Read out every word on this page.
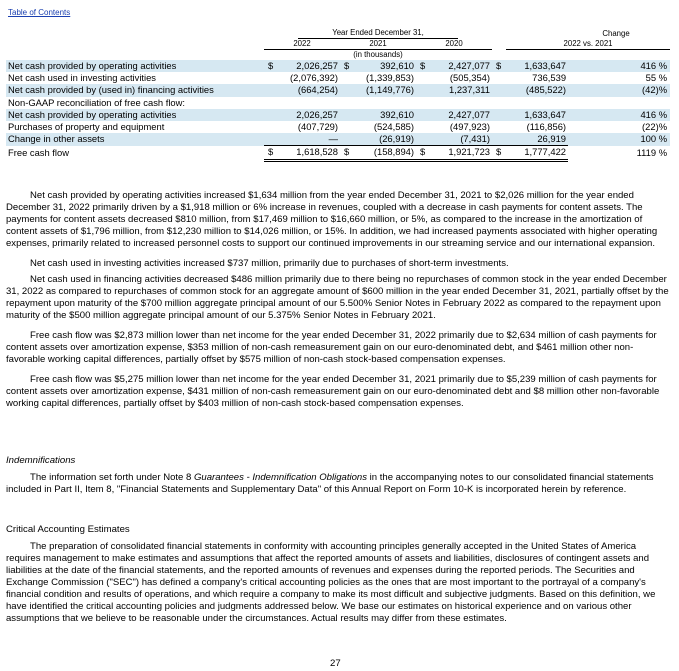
Table of Contents
	Year Ended December 31,						Change		
	2022		2021		2020			2022 vs. 2021	
	(in thousands)								
Net cash provided by operating activities	$	2,026,257	$	392,610	$	2,427,077	$	1,633,647	416 %
Net cash used in investing activities		(2,076,392)		(1,339,853)		(505,354)		736,539	55 %
Net cash provided by (used in) financing activities		(664,254)		(1,149,776)		1,237,311		(485,522)	(42)%
Non-GAAP reconciliation of free cash flow:									
Net cash provided by operating activities		2,026,257		392,610		2,427,077		1,633,647	416 %
Purchases of property and equipment		(407,729)		(524,585)		(497,923)		(116,856)	(22)%
Change in other assets		—		(26,919)		(7,431)		26,919	100 %
Free cash flow	$	1,618,528	$	(158,894)	$	1,921,723	$	1,777,422	1119 %

Net cash provided by operating activities increased $1,634 million from the year ended December 31, 2021 to $2,026 million for the year ended December 31, 2022 primarily driven by a $1,918 million or 6% increase in revenues, coupled with a decrease in cash payments for content assets. The payments for content assets decreased $810 million, from $17,469 million to $16,660 million, or 5%, as compared to the increase in the amortization of content assets of $1,796 million, from $12,230 million to $14,026 million, or 15%. In addition, we had increased payments associated with higher operating expenses, primarily related to increased personnel costs to support our continued improvements in our streaming service and our international expansion.

Net cash used in investing activities increased $737 million, primarily due to purchases of short-term investments.

Net cash used in financing activities decreased $486 million primarily due to there being no repurchases of common stock in the year ended December 31, 2022 as compared to repurchases of common stock for an aggregate amount of $600 million in the year ended December 31, 2021, partially offset by the repayment upon maturity of the $700 million aggregate principal amount of our 5.500% Senior Notes in February 2022 as compared to the repayment upon maturity of the $500 million aggregate principal amount of our 5.375% Senior Notes in February 2021.

Free cash flow was $2,873 million lower than net income for the year ended December 31, 2022 primarily due to $2,634 million of cash payments for content assets over amortization expense, $353 million of non-cash remeasurement gain on our euro-denominated debt, and $461 million other non-favorable working capital differences, partially offset by $575 million of non-cash stock-based compensation expenses.

Free cash flow was $5,275 million lower than net income for the year ended December 31, 2021 primarily due to $5,239 million of cash payments for content assets over amortization expense, $431 million of non-cash remeasurement gain on our euro-denominated debt and $8 million other non-favorable working capital differences, partially offset by $403 million of non-cash stock-based compensation expenses.

Indemnifications

The information set forth under Note 8 Guarantees - Indemnification Obligations in the accompanying notes to our consolidated financial statements included in Part II, Item 8, "Financial Statements and Supplementary Data" of this Annual Report on Form 10-K is incorporated herein by reference.

Critical Accounting Estimates

The preparation of consolidated financial statements in conformity with accounting principles generally accepted in the United States of America requires management to make estimates and assumptions that affect the reported amounts of assets and liabilities, disclosures of contingent assets and liabilities at the date of the financial statements, and the reported amounts of revenues and expenses during the reported periods. The Securities and Exchange Commission ("SEC") has defined a company's critical accounting policies as the ones that are most important to the portrayal of a company's financial condition and results of operations, and which require a company to make its most difficult and subjective judgments. Based on this definition, we have identified the critical accounting policies and judgments addressed below. We base our estimates on historical experience and on various other assumptions that we believe to be reasonable under the circumstances. Actual results may differ from these estimates.

27
